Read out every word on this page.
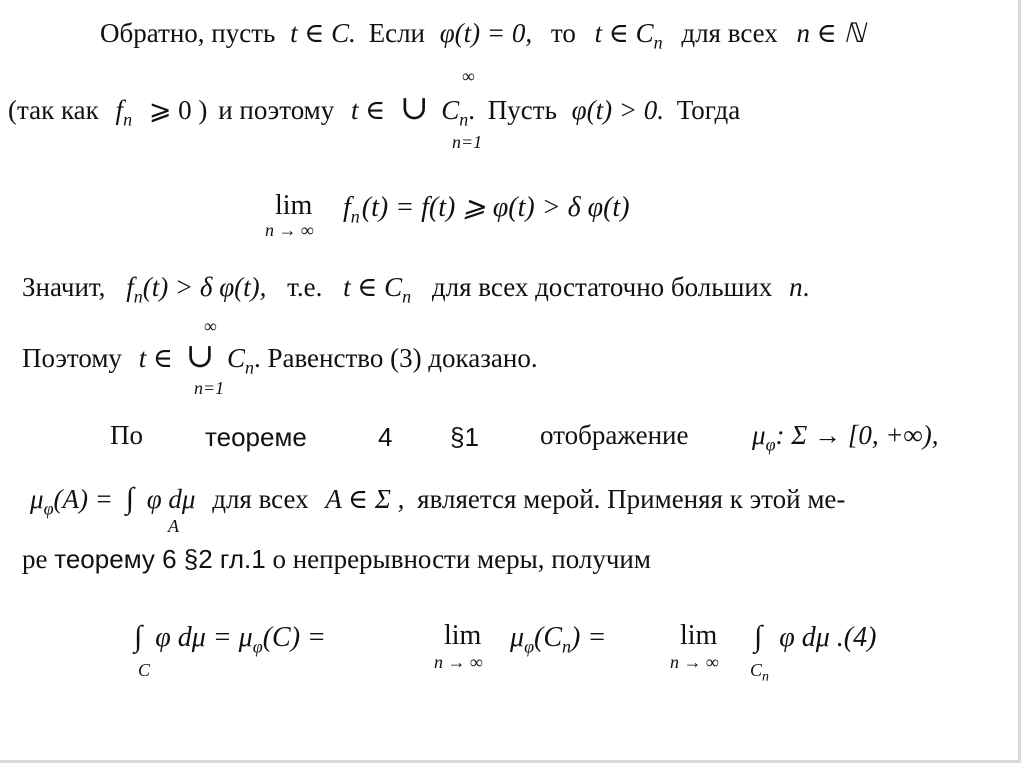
Обратно, пусть t ∈ C. Если φ(t) = 0, то t ∈ $C_n$ для всех n ∈ ℕ
∞
n=1
(так как $f_n$ ⩾ 0 ) и поэтому t ∈ ∪ $C_n$. Пусть φ(t) > 0. Тогда
lim
n → ∞
$f_n(t) = f(t)$ ⩾ φ(t) > δ φ(t)
Значит, $f_n(t) > \delta$ φ(t), т.е. t ∈ $C_n$ для всех достаточно больших n.
∞
n=1
Поэтому t ∈ ∪ $C_n$. Равенство (3) доказано.
По теореме	4 §1 отображение $\mu_\varphi$: Σ → [0, +∞),
A
$\mu_\varphi(A)$ = ∫ φ dμ для всех A ∈ Σ , является мерой. Применяя к этой ме-
ре теорему 6 §2 гл.1 о непрерывности меры, получим
C
∫ φ $d\mu = \mu_\varphi(C)$ =	lim
n → ∞
$\mu_\varphi(C_n)$ =	lim
n → ∞ $C_n$
∫ φ dμ .(4)
